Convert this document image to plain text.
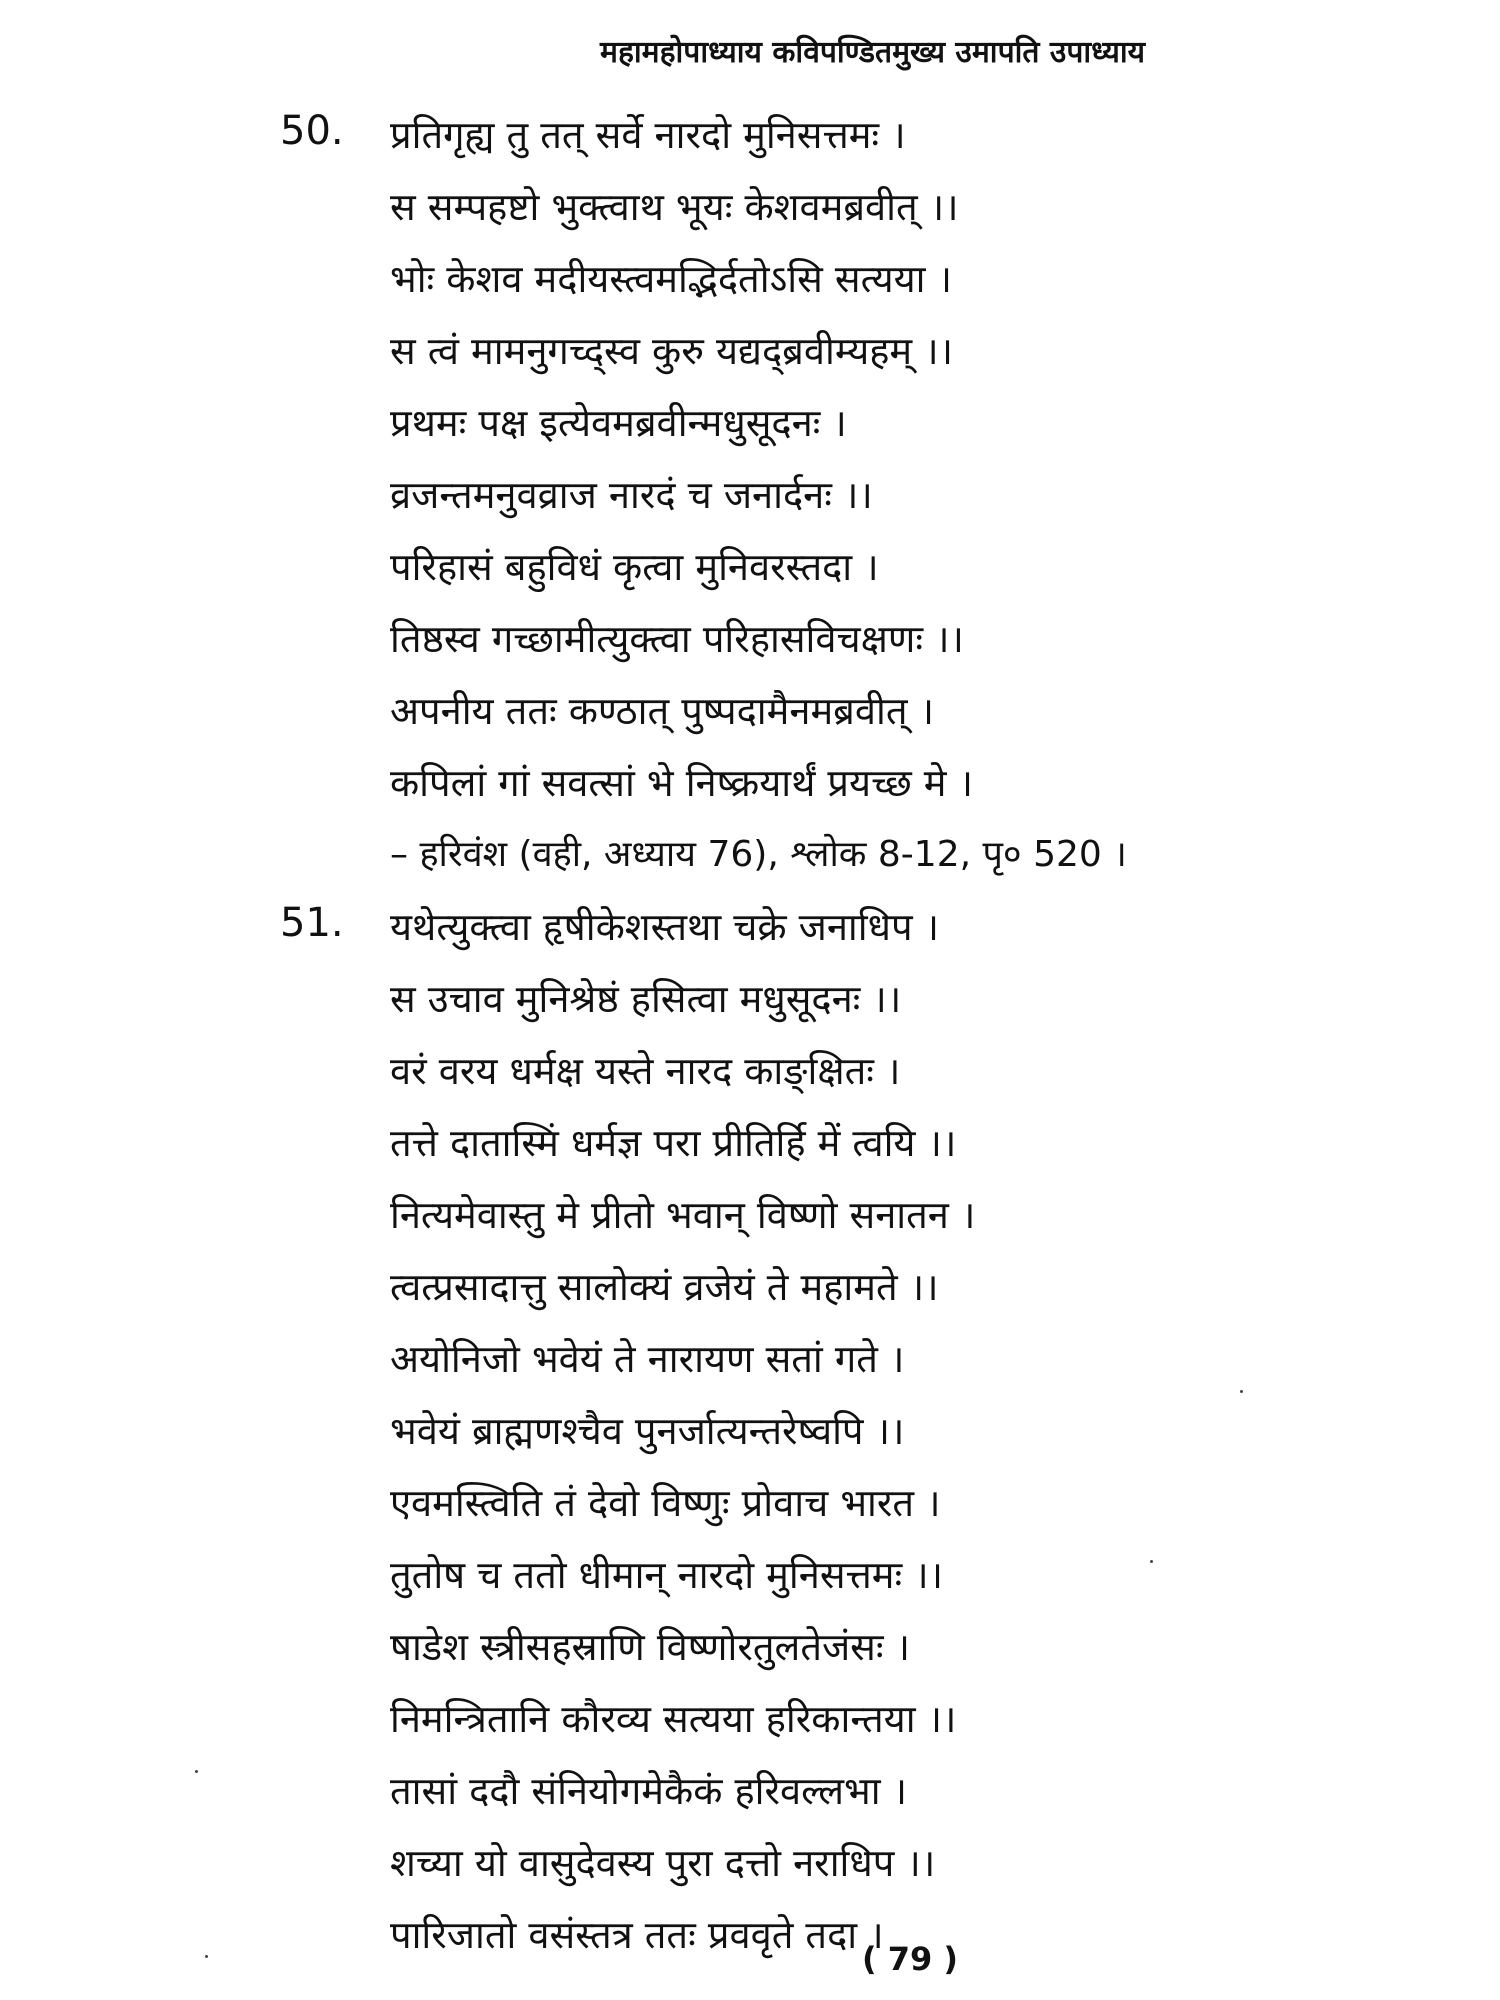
महामहोपाध्याय कविपण्डितमुख्य उमापति उपाध्याय
50. प्रतिगृह्य तु तत् सर्वे नारदो मुनिसत्तमः ।
स सम्पहष्टो भुक्त्वाथ भूयः केशवमब्रवीत् ।।
भोः केशव मदीयस्त्वमद्भिर्दतोऽसि सत्यया ।
स त्वं मामनुगच्द्स्व कुरु यद्यद्ब्रवीम्यहम् ।।
प्रथमः पक्ष इत्येवमब्रवीन्मधुसूदनः ।
व्रजन्तमनुवव्राज नारदं च जनार्दनः ।।
परिहासं बहुविधं कृत्वा मुनिवरस्तदा ।
तिष्ठस्व गच्छामीत्युक्त्वा परिहासविचक्षणः ।।
अपनीय ततः कण्ठात् पुष्पदामैनमब्रवीत् ।
कपिलां गां सवत्सां भे निष्क्रयार्थं प्रयच्छ मे ।
– हरिवंश (वही, अध्याय 76), श्लोक 8-12, पृ० 520 ।
51. यथेत्युक्त्वा हृषीकेशस्तथा चक्रे जनाधिप ।
स उचाव मुनिश्रेष्ठं हसित्वा मधुसूदनः ।।
वरं वरय धर्मक्ष यस्ते नारद काङ्क्षितः ।
तत्ते दातास्मिं धर्मज्ञ परा प्रीतिर्हि में त्वयि ।।
नित्यमेवास्तु मे प्रीतो भवान् विष्णो सनातन ।
त्वत्प्रसादात्तु सालोक्यं व्रजेयं ते महामते ।।
अयोनिजो भवेयं ते नारायण सतां गते ।
भवेयं ब्राह्मणश्चैव पुनर्जात्यन्तरेष्वपि ।।
एवमस्त्विति तं देवो विष्णुः प्रोवाच भारत ।
तुतोष च ततो धीमान् नारदो मुनिसत्तमः ।।
षाडेश स्त्रीसहस्राणि विष्णोरतुलतेजंसः ।
निमन्त्रितानि कौरव्य सत्यया हरिकान्तया ।।
तासां ददौ संनियोगमेकैकं हरिवल्लभा ।
शच्या यो वासुदेवस्य पुरा दत्तो नराधिप ।।
पारिजातो वसंस्तत्र ततः प्रववृते तदा ।
( 79 )
